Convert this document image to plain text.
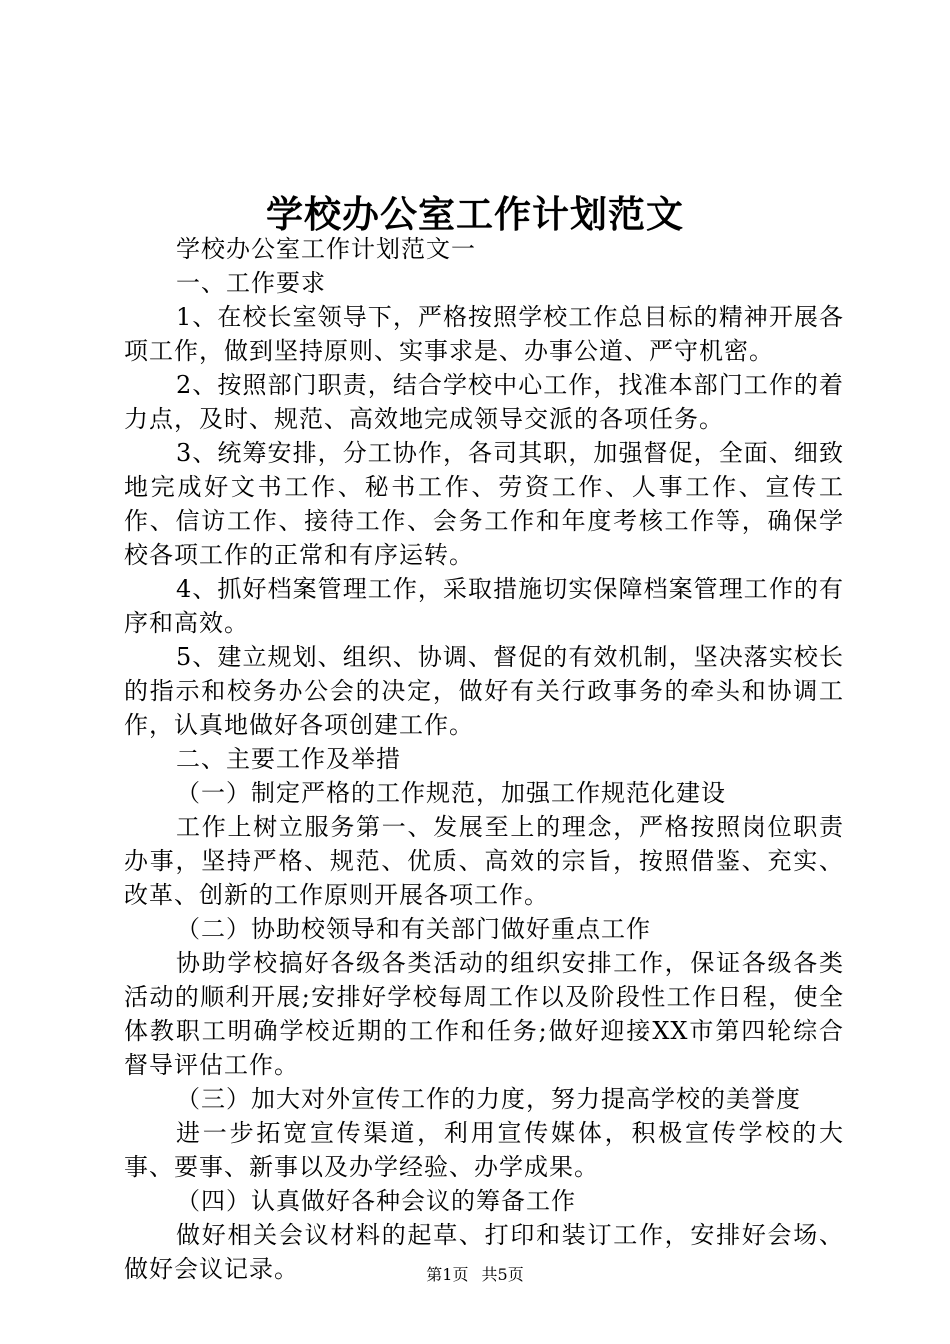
学校办公室工作计划范文

学校办公室工作计划范文一

一、工作要求

1、在校长室领导下，严格按照学校工作总目标的精神开展各项工作，做到坚持原则、实事求是、办事公道、严守机密。

2、按照部门职责，结合学校中心工作，找准本部门工作的着力点，及时、规范、高效地完成领导交派的各项任务。

3、统筹安排，分工协作，各司其职，加强督促，全面、细致地完成好文书工作、秘书工作、劳资工作、人事工作、宣传工作、信访工作、接待工作、会务工作和年度考核工作等，确保学校各项工作的正常和有序运转。

4、抓好档案管理工作，采取措施切实保障档案管理工作的有序和高效。

5、建立规划、组织、协调、督促的有效机制，坚决落实校长的指示和校务办公会的决定，做好有关行政事务的牵头和协调工作，认真地做好各项创建工作。

二、主要工作及举措

（一）制定严格的工作规范，加强工作规范化建设

工作上树立服务第一、发展至上的理念，严格按照岗位职责办事，坚持严格、规范、优质、高效的宗旨，按照借鉴、充实、改革、创新的工作原则开展各项工作。

（二）协助校领导和有关部门做好重点工作

协助学校搞好各级各类活动的组织安排工作，保证各级各类活动的顺利开展;安排好学校每周工作以及阶段性工作日程，使全体教职工明确学校近期的工作和任务;做好迎接XX市第四轮综合督导评估工作。

（三）加大对外宣传工作的力度，努力提高学校的美誉度

进一步拓宽宣传渠道，利用宣传媒体，积极宣传学校的大事、要事、新事以及办学经验、办学成果。

（四）认真做好各种会议的筹备工作

做好相关会议材料的起草、打印和装订工作，安排好会场、做好会议记录。	第1页 共5页
